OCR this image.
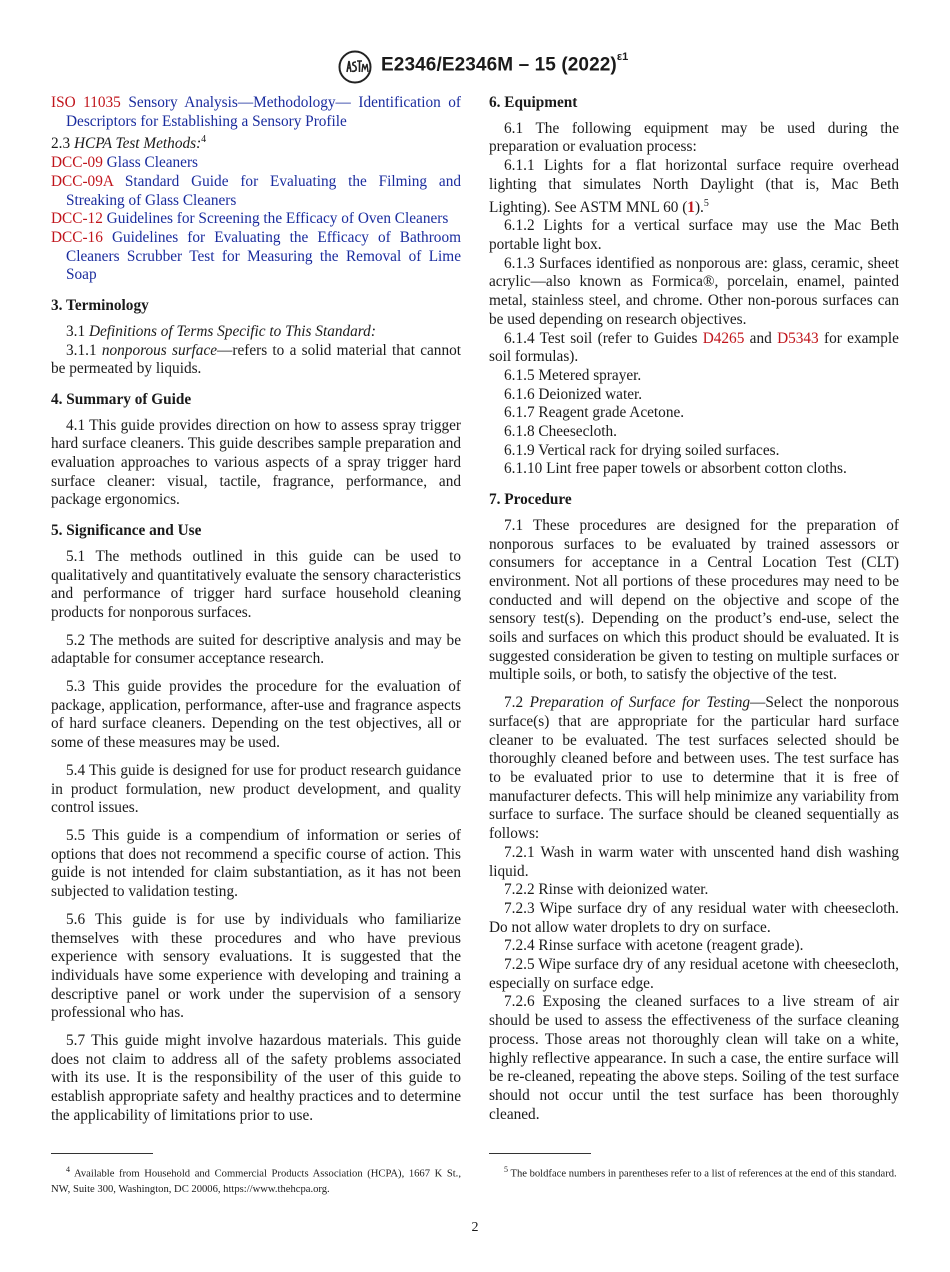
E2346/E2346M – 15 $(2022)^{\varepsilon 1}$

ISO 11035 Sensory Analysis—Methodology— Identification of Descriptors for Establishing a Sensory Profile

2.3 HCPA Test Methods:$^4$

DCC-09 Glass Cleaners

DCC-09A Standard Guide for Evaluating the Filming and Streaking of Glass Cleaners

DCC-12 Guidelines for Screening the Efficacy of Oven Cleaners

DCC-16 Guidelines for Evaluating the Efficacy of Bathroom Cleaners Scrubber Test for Measuring the Removal of Lime Soap

3. Terminology

3.1 Definitions of Terms Specific to This Standard:

3.1.1 nonporous surface—refers to a solid material that cannot be permeated by liquids.

4. Summary of Guide

4.1 This guide provides direction on how to assess spray trigger hard surface cleaners. This guide describes sample preparation and evaluation approaches to various aspects of a spray trigger hard surface cleaner: visual, tactile, fragrance, performance, and package ergonomics.

5. Significance and Use

5.1 The methods outlined in this guide can be used to qualitatively and quantitatively evaluate the sensory characteristics and performance of trigger hard surface household cleaning products for nonporous surfaces.

5.2 The methods are suited for descriptive analysis and may be adaptable for consumer acceptance research.

5.3 This guide provides the procedure for the evaluation of package, application, performance, after-use and fragrance aspects of hard surface cleaners. Depending on the test objectives, all or some of these measures may be used.

5.4 This guide is designed for use for product research guidance in product formulation, new product development, and quality control issues.

5.5 This guide is a compendium of information or series of options that does not recommend a specific course of action. This guide is not intended for claim substantiation, as it has not been subjected to validation testing.

5.6 This guide is for use by individuals who familiarize themselves with these procedures and who have previous experience with sensory evaluations. It is suggested that the individuals have some experience with developing and training a descriptive panel or work under the supervision of a sensory professional who has.

5.7 This guide might involve hazardous materials. This guide does not claim to address all of the safety problems associated with its use. It is the responsibility of the user of this guide to establish appropriate safety and healthy practices and to determine the applicability of limitations prior to use.

6. Equipment

6.1 The following equipment may be used during the preparation or evaluation process:

6.1.1 Lights for a flat horizontal surface require overhead lighting that simulates North Daylight (that is, Mac Beth Lighting). See ASTM MNL 60 (1).$^5$

6.1.2 Lights for a vertical surface may use the Mac Beth portable light box.

6.1.3 Surfaces identified as nonporous are: glass, ceramic, sheet acrylic—also known as Formica®, porcelain, enamel, painted metal, stainless steel, and chrome. Other non-porous surfaces can be used depending on research objectives.

6.1.4 Test soil (refer to Guides D4265 and D5343 for example soil formulas).

6.1.5 Metered sprayer.

6.1.6 Deionized water.

6.1.7 Reagent grade Acetone.

6.1.8 Cheesecloth.

6.1.9 Vertical rack for drying soiled surfaces.

6.1.10 Lint free paper towels or absorbent cotton cloths.

7. Procedure

7.1 These procedures are designed for the preparation of nonporous surfaces to be evaluated by trained assessors or consumers for acceptance in a Central Location Test (CLT) environment. Not all portions of these procedures may need to be conducted and will depend on the objective and scope of the sensory test(s). Depending on the product’s end-use, select the soils and surfaces on which this product should be evaluated. It is suggested consideration be given to testing on multiple surfaces or multiple soils, or both, to satisfy the objective of the test.

7.2 Preparation of Surface for Testing—Select the nonporous surface(s) that are appropriate for the particular hard surface cleaner to be evaluated. The test surfaces selected should be thoroughly cleaned before and between uses. The test surface has to be evaluated prior to use to determine that it is free of manufacturer defects. This will help minimize any variability from surface to surface. The surface should be cleaned sequentially as follows:

7.2.1 Wash in warm water with unscented hand dish washing liquid.

7.2.2 Rinse with deionized water.

7.2.3 Wipe surface dry of any residual water with cheesecloth. Do not allow water droplets to dry on surface.

7.2.4 Rinse surface with acetone (reagent grade).

7.2.5 Wipe surface dry of any residual acetone with cheesecloth, especially on surface edge.

7.2.6 Exposing the cleaned surfaces to a live stream of air should be used to assess the effectiveness of the surface cleaning process. Those areas not thoroughly clean will take on a white, highly reflective appearance. In such a case, the entire surface will be re-cleaned, repeating the above steps. Soiling of the test surface should not occur until the test surface has been thoroughly cleaned.

$^4$ Available from Household and Commercial Products Association (HCPA), 1667 K St., NW, Suite 300, Washington, DC 20006, https://www.thehcpa.org.
$^5$ The boldface numbers in parentheses refer to a list of references at the end of this standard.
2
